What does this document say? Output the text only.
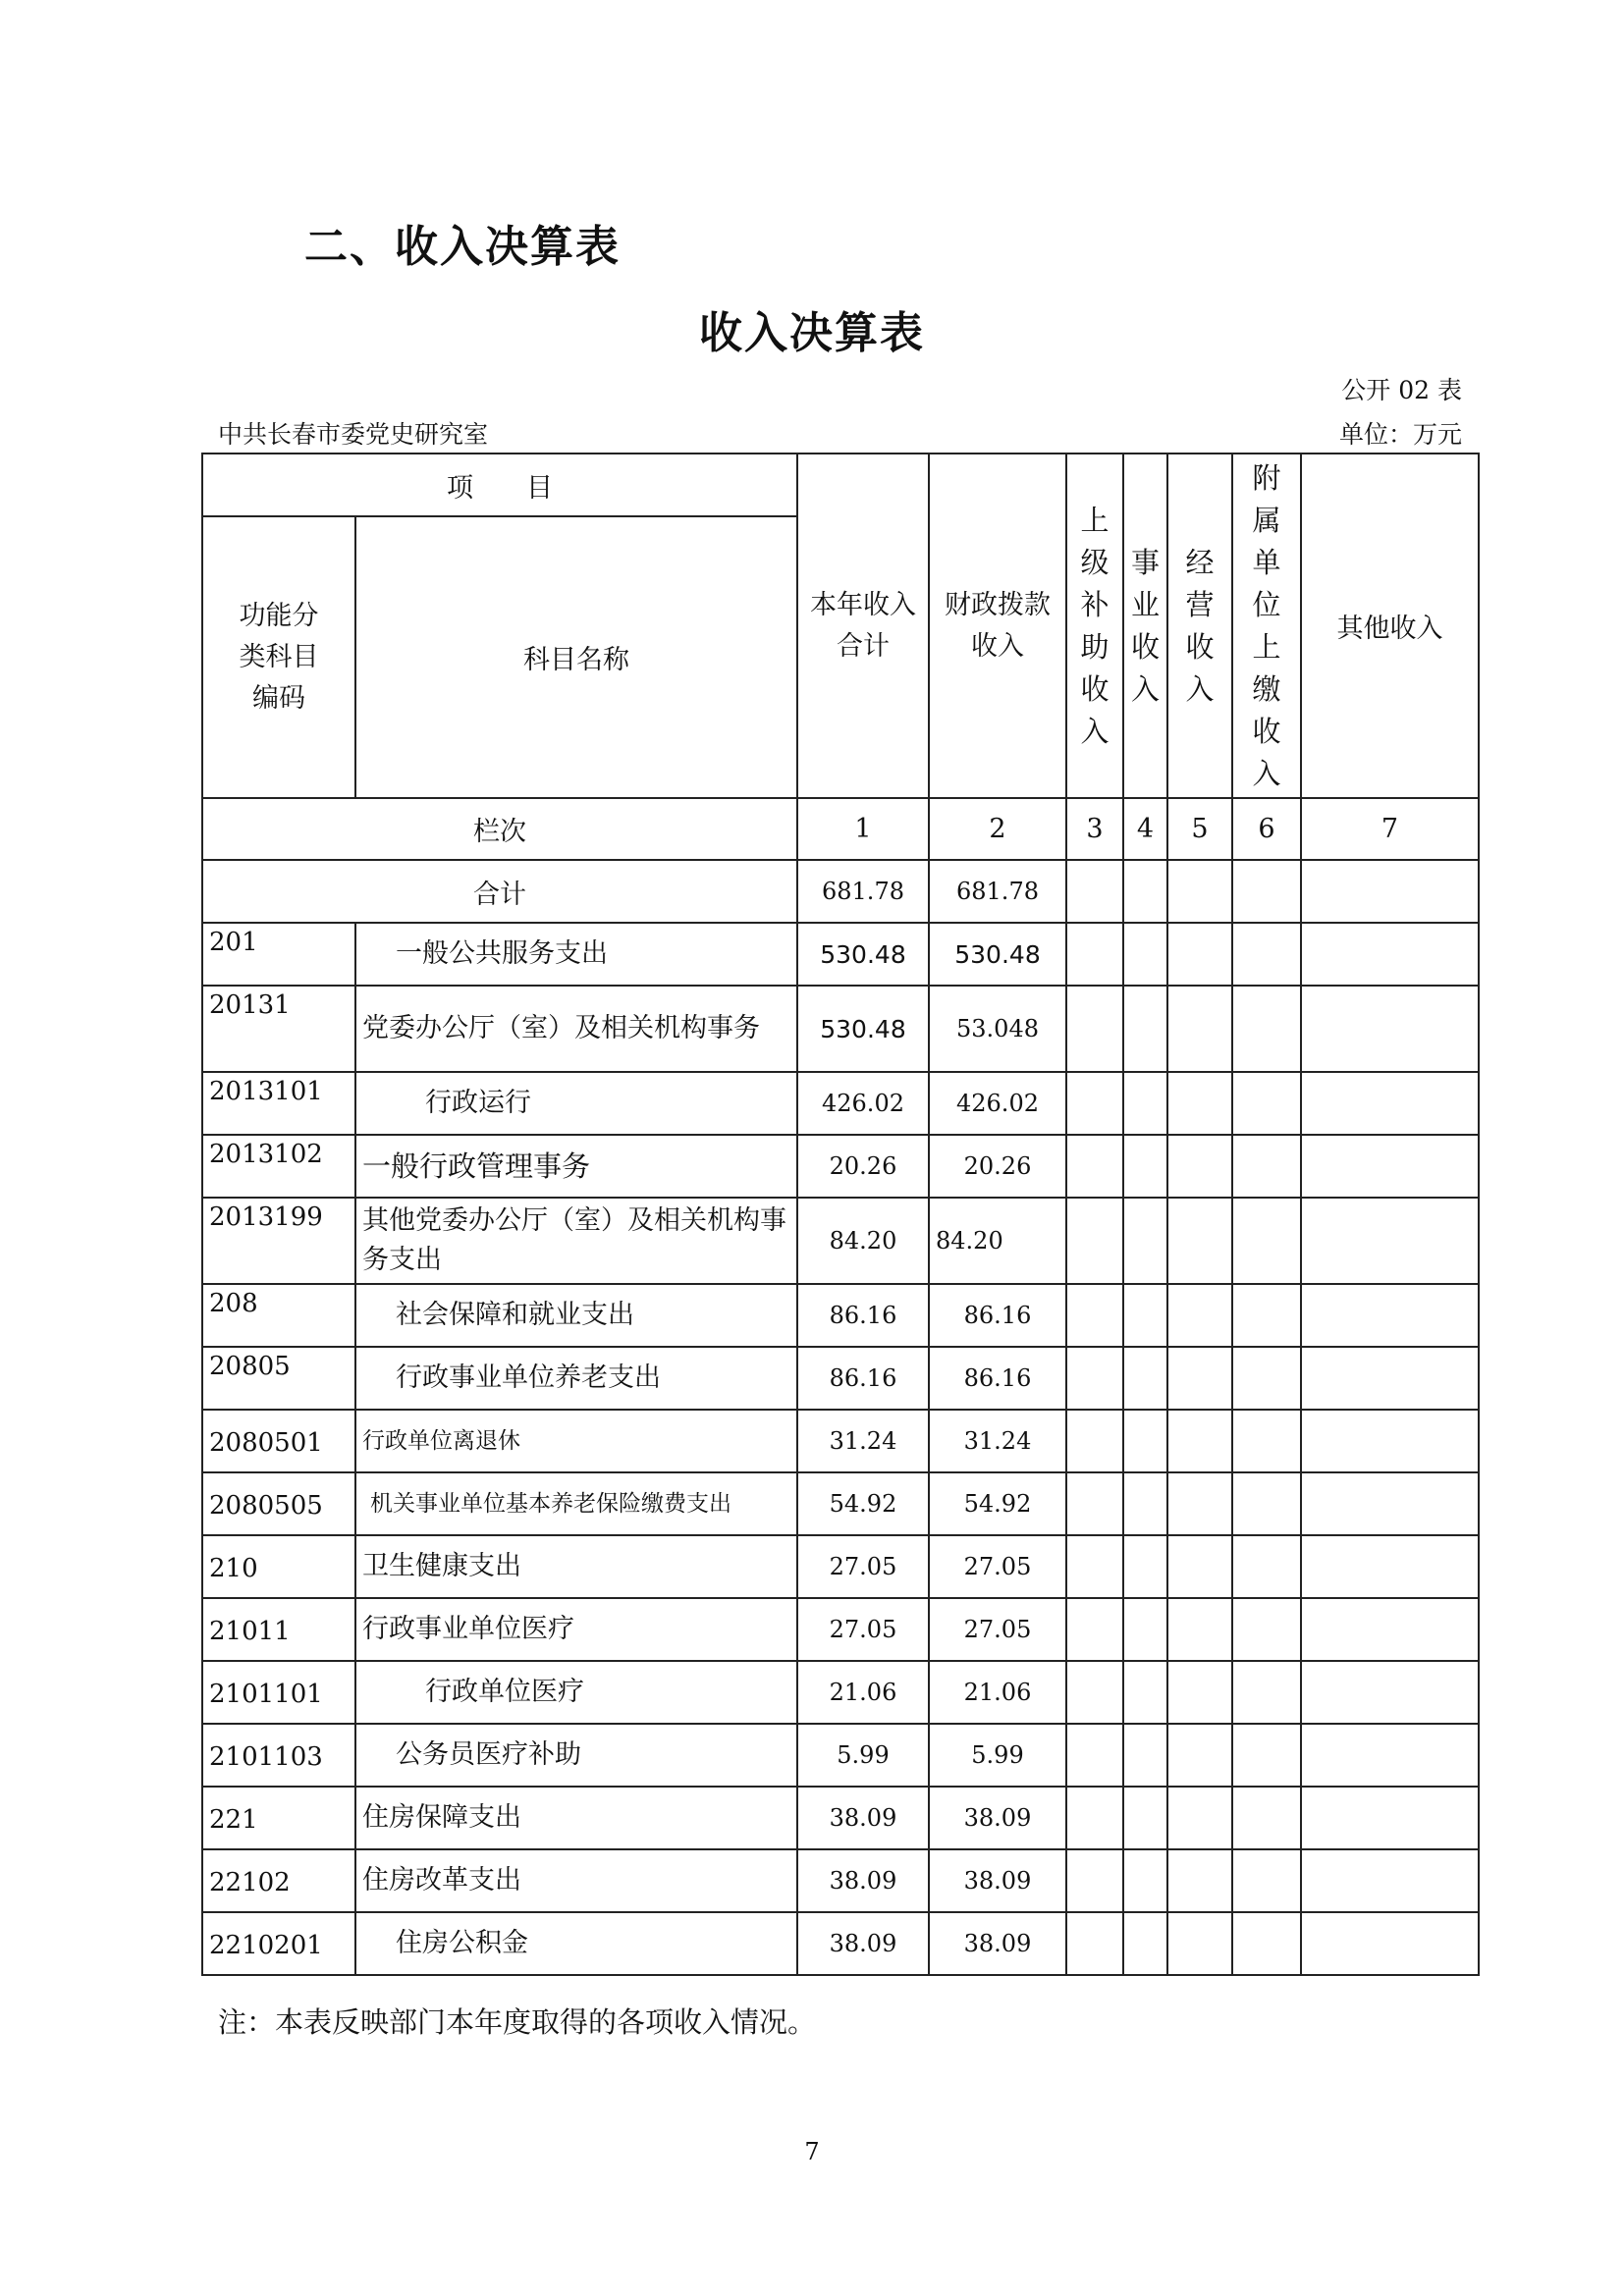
二、收入决算表
收入决算表
公开 02 表
中共长春市委党史研究室	单位：万元
项　　目		本年收入合计	财政拨款收入	上级补助收入	事业收入	经营收入	附属单位上缴收入	其他收入

功能分类科目编码	科目名称							
栏次		1	2	3	4	5	6	7
合计		681.78	681.78					
201	一般公共服务支出	530.48	530.48					
20131	党委办公厅（室）及相关机构事务	530.48	53.048					
2013101	行政运行	426.02	426.02					
2013102	一般行政管理事务	20.26	20.26					
2013199	其他党委办公厅（室）及相关机构事务支出	84.20	84.20					
208	社会保障和就业支出	86.16	86.16					
20805	行政事业单位养老支出	86.16	86.16					
2080501	行政单位离退休	31.24	31.24					
2080505	机关事业单位基本养老保险缴费支出	54.92	54.92					
210	卫生健康支出	27.05	27.05					
21011	行政事业单位医疗	27.05	27.05					
2101101	行政单位医疗	21.06	21.06					
2101103	公务员医疗补助	5.99	5.99					
221	住房保障支出	38.09	38.09					
22102	住房改革支出	38.09	38.09					
2210201	住房公积金	38.09	38.09					
注：本表反映部门本年度取得的各项收入情况。
7
